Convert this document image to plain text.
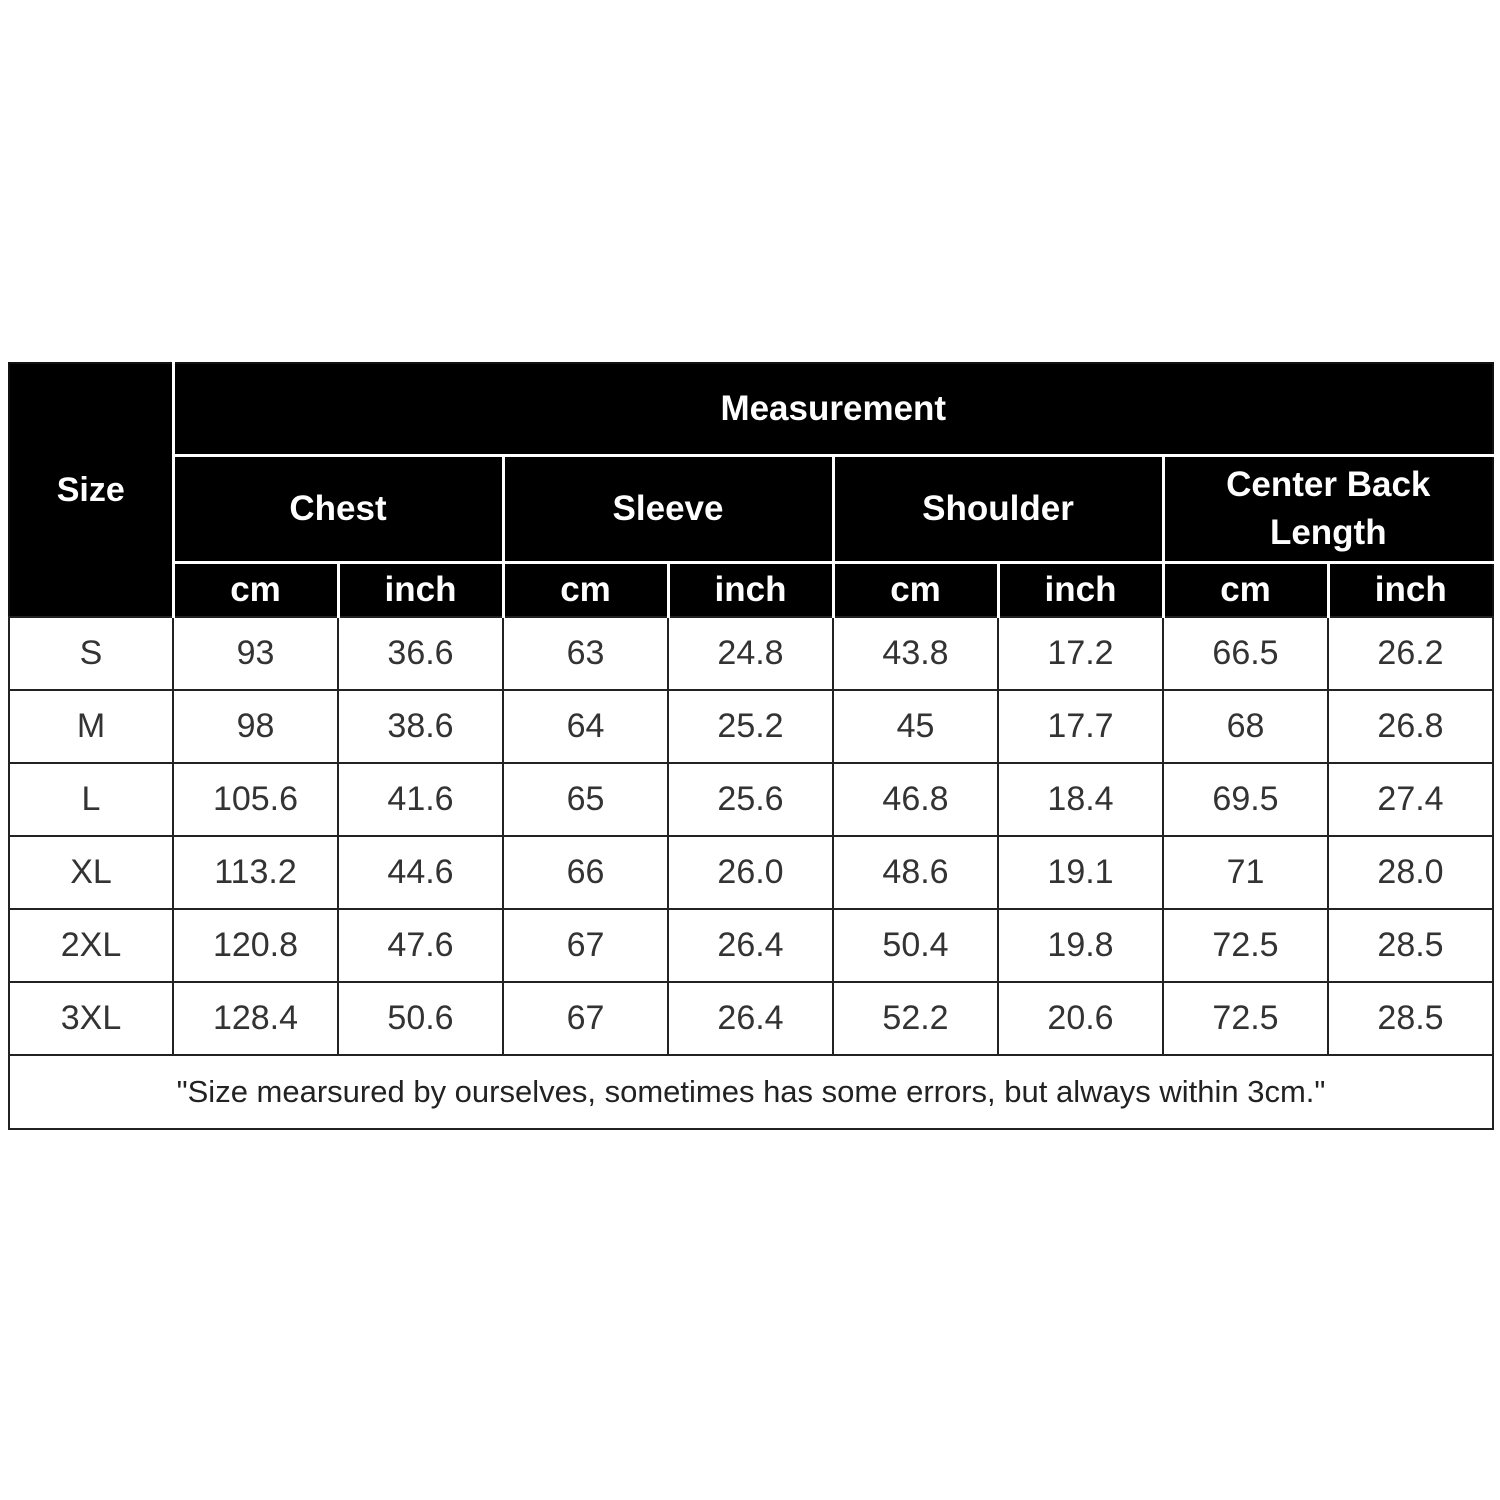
Size	Measurement							
	Chest		Sleeve		Shoulder		Center Back Length	
	cm	inch	cm	inch	cm	inch	cm	inch
S	93	36.6	63	24.8	43.8	17.2	66.5	26.2
M	98	38.6	64	25.2	45	17.7	68	26.8
L	105.6	41.6	65	25.6	46.8	18.4	69.5	27.4
XL	113.2	44.6	66	26.0	48.6	19.1	71	28.0
2XL	120.8	47.6	67	26.4	50.4	19.8	72.5	28.5
3XL	128.4	50.6	67	26.4	52.2	20.6	72.5	28.5
"Size mearsured by ourselves, sometimes has some errors, but always within 3cm."								
